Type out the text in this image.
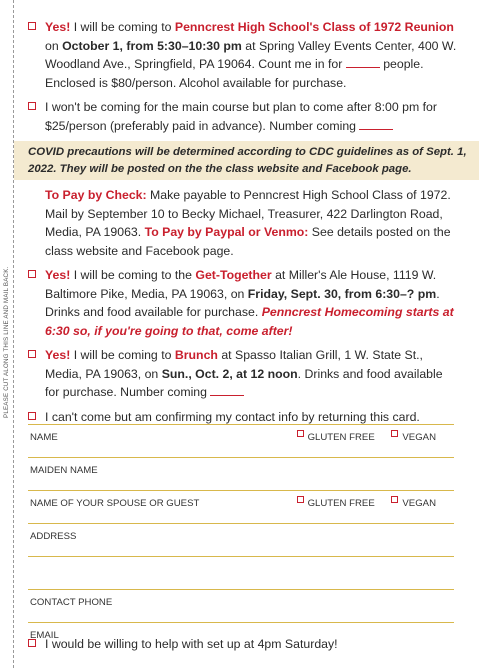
PLEASE CUT ALONG THIS LINE AND MAIL BACK.
Yes! I will be coming to Penncrest High School's Class of 1972 Reunion on October 1, from 5:30–10:30 pm at Spring Valley Events Center, 400 W. Woodland Ave., Springfield, PA 19064. Count me in for	people. Enclosed is $80/person. Alcohol available for purchase.
I won't be coming for the main course but plan to come after 8:00 pm for $25/person (preferably paid in advance). Number coming
COVID precautions will be determined according to CDC guidelines as of Sept. 1, 2022. They will be posted on the the class website and Facebook page.
To Pay by Check: Make payable to Penncrest High School Class of 1972. Mail by September 10 to Becky Michael, Treasurer, 422 Darlington Road, Media, PA 19063. To Pay by Paypal or Venmo: See details posted on the class website and Facebook page.
Yes! I will be coming to the Get-Together at Miller's Ale House, 1119 W. Baltimore Pike, Media, PA 19063, on Friday, Sept. 30, from 6:30–? pm. Drinks and food available for purchase. Penncrest Homecoming starts at 6:30 so, if you're going to that, come after!
Yes! I will be coming to Brunch at Spasso Italian Grill, 1 W. State St., Media, PA 19063, on Sun., Oct. 2, at 12 noon. Drinks and food available for purchase. Number coming
I can't come but am confirming my contact info by returning this card.
NAME	GLUTEN FREE	VEGAN
MAIDEN NAME
NAME OF YOUR SPOUSE OR GUEST	GLUTEN FREE	VEGAN
ADDRESS
CONTACT PHONE
EMAIL
I would be willing to help with set up at 4pm Saturday!
